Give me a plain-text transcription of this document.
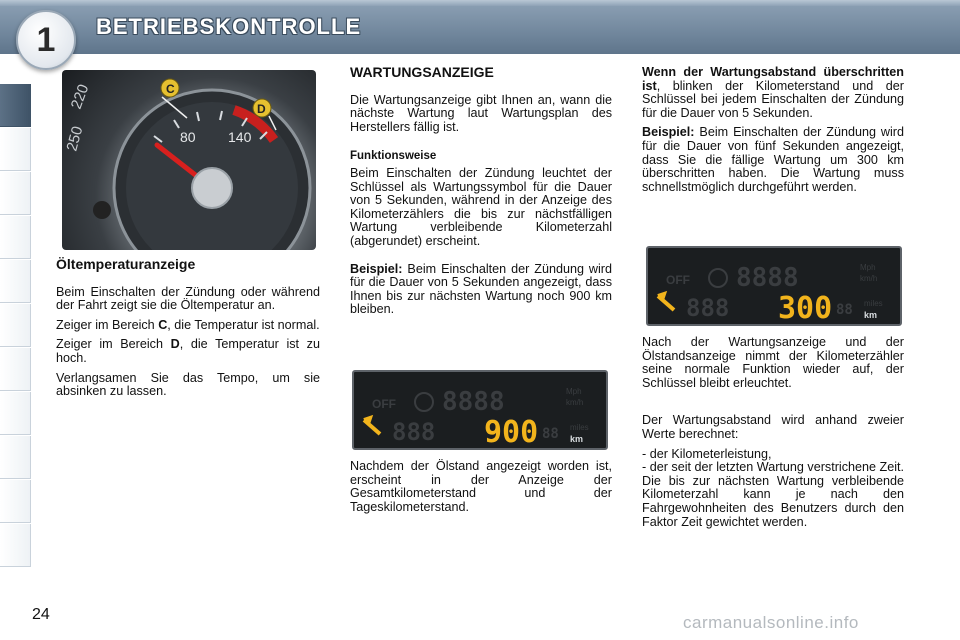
1	BETRIEBSKONTROLLE
80 140
220
250
C
D
Öltemperaturanzeige

Beim Einschalten der Zündung oder während der Fahrt zeigt sie die Öltemperatur an.

Zeiger im Bereich C, die Temperatur ist normal.

Zeiger im Bereich D, die Temperatur ist zu hoch.

Verlangsamen Sie das Tempo, um sie absinken zu lassen.

WARTUNGSANZEIGE

Die Wartungsanzeige gibt Ihnen an, wann die nächste Wartung laut Wartungsplan des Herstellers fällig ist.

Funktionsweise

Beim Einschalten der Zündung leuchtet der Schlüssel als Wartungssymbol für die Dauer von 5 Sekunden, während in der Anzeige des Kilometerzählers die bis zur nächstfälligen Wartung verbleibende Kilometerzahl (abgerundet) erscheint.

Beispiel: Beim Einschalten der Zündung wird für die Dauer von 5 Sekunden angezeigt, dass Ihnen bis zur nächsten Wartung noch 900 km bleiben.

OFF 8888	Mph
km/h
888 900 88 miles
km

Nachdem der Ölstand angezeigt worden ist, erscheint in der Anzeige der Gesamtkilometerstand und der Tageskilometerstand.

Wenn der Wartungsabstand überschritten ist, blinken der Kilometerstand und der Schlüssel bei jedem Einschalten der Zündung für die Dauer von 5 Sekunden.

Beispiel: Beim Einschalten der Zündung wird für die Dauer von fünf Sekunden angezeigt, dass Sie die fällige Wartung um 300 km überschritten haben. Die Wartung muss schnellstmöglich durchgeführt werden.

OFF 8888	Mph
km/h
888 300 88 miles
km

Nach der Wartungsanzeige und der Ölstandsanzeige nimmt der Kilometerzähler seine normale Funktion wieder auf, der Schlüssel bleibt erleuchtet.

Der Wartungsabstand wird anhand zweier Werte berechnet:

- der Kilometerleistung,

- der seit der letzten Wartung verstrichene Zeit.

Die bis zur nächsten Wartung verbleibende Kilometerzahl kann je nach den Fahrgewohnheiten des Benutzers durch den Faktor Zeit gewichtet werden.

24	carmanualsonline.info
